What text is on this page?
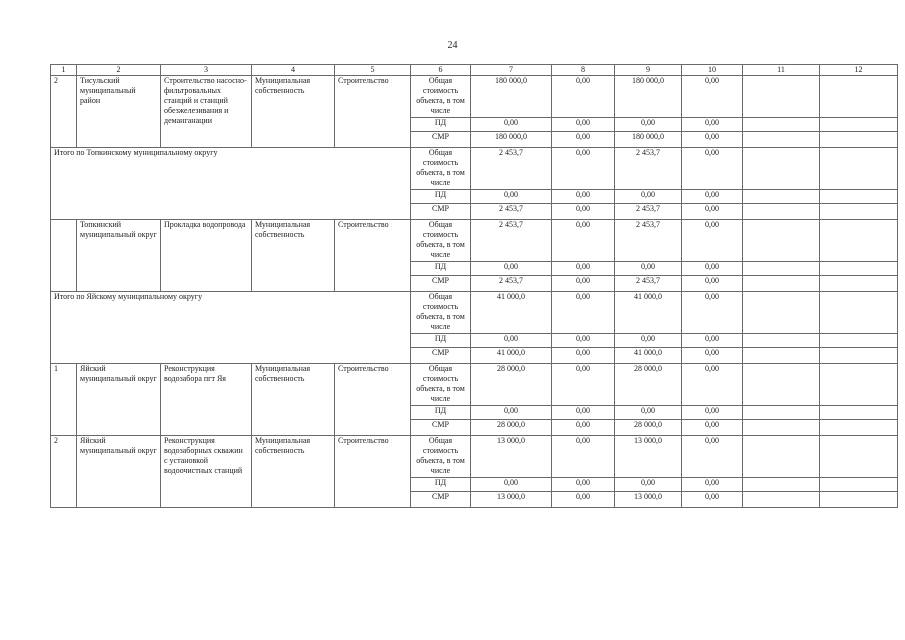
24
1	2	3	4	5	6	7	8	9	10	11	12
2	Тисульский муниципальный район	Строительство насосно-фильтровальных станций и станций обезжелезивания и деманганации	Муниципальная собственность	Строительство	Общая стоимость объекта, в том числе	180 000,0	0,00	180 000,0	0,00		
					ПД	0,00	0,00	0,00	0,00		
					СМР	180 000,0	0,00	180 000,0	0,00		
Итого по Топкинскому муниципальному округу					Общая стоимость объекта, в том числе	2 453,7	0,00	2 453,7	0,00		
					ПД	0,00	0,00	0,00	0,00		
					СМР	2 453,7	0,00	2 453,7	0,00		
	Топкинский муниципальный округ	Прокладка водопровода	Муниципальная собственность	Строительство	Общая стоимость объекта, в том числе	2 453,7	0,00	2 453,7	0,00		
					ПД	0,00	0,00	0,00	0,00		
					СМР	2 453,7	0,00	2 453,7	0,00		
Итого по Яйскому муниципальному округу					Общая стоимость объекта, в том числе	41 000,0	0,00	41 000,0	0,00		
					ПД	0,00	0,00	0,00	0,00		
					СМР	41 000,0	0,00	41 000,0	0,00		
1	Яйский муниципальный округ	Реконструкция водозабора пгт Яя	Муниципальная собственность	Строительство	Общая стоимость объекта, в том числе	28 000,0	0,00	28 000,0	0,00		
					ПД	0,00	0,00	0,00	0,00		
					СМР	28 000,0	0,00	28 000,0	0,00		
2	Яйский муниципальный округ	Реконструкция водозаборных скважин с установкой водоочистных станций	Муниципальная собственность	Строительство	Общая стоимость объекта, в том числе	13 000,0	0,00	13 000,0	0,00		
					ПД	0,00	0,00	0,00	0,00		
					СМР	13 000,0	0,00	13 000,0	0,00		
